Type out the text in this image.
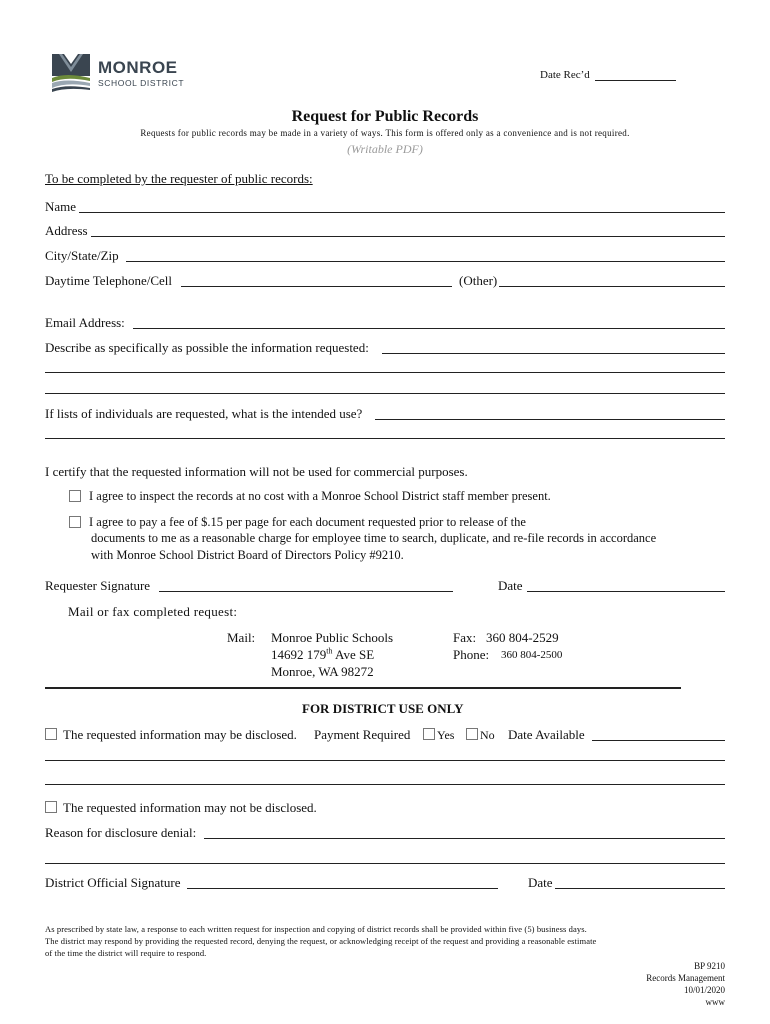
MONROE
SCHOOL DISTRICT
Date Rec’d
Request for Public Records
Requests for public records may be made in a variety of ways. This form is offered only as a convenience and is not required.
(Writable PDF)
To be completed by the requester of public records:
Name
Address
City/State/Zip
Daytime Telephone/Cell	(Other)
Email Address:
Describe as specifically as possible the information requested:
If lists of individuals are requested, what is the intended use?
I certify that the requested information will not be used for commercial purposes.
I agree to inspect the records at no cost with a Monroe School District staff member present.
I agree to pay a fee of $.15 per page for each document requested prior to release of the
documents to me as a reasonable charge for employee time to search, duplicate, and re-file records in accordance
with Monroe School District Board of Directors Policy #9210.
Requester Signature	Date
Mail or fax completed request:
Mail: Monroe Public Schools
14692 179th Ave SE
Monroe, WA 98272
Fax: 360 804-2529
Phone: 360 804-2500
FOR DISTRICT USE ONLY
The requested information may be disclosed. Payment Required Yes No Date Available
The requested information may not be disclosed.
Reason for disclosure denial:
District Official Signature	Date
As prescribed by state law, a response to each written request for inspection and copying of district records shall be provided within five (5) business days.
The district may respond by providing the requested record, denying the request, or acknowledging receipt of the request and providing a reasonable estimate
of the time the district will require to respond.
BP 9210
Records Management
10/01/2020
www
